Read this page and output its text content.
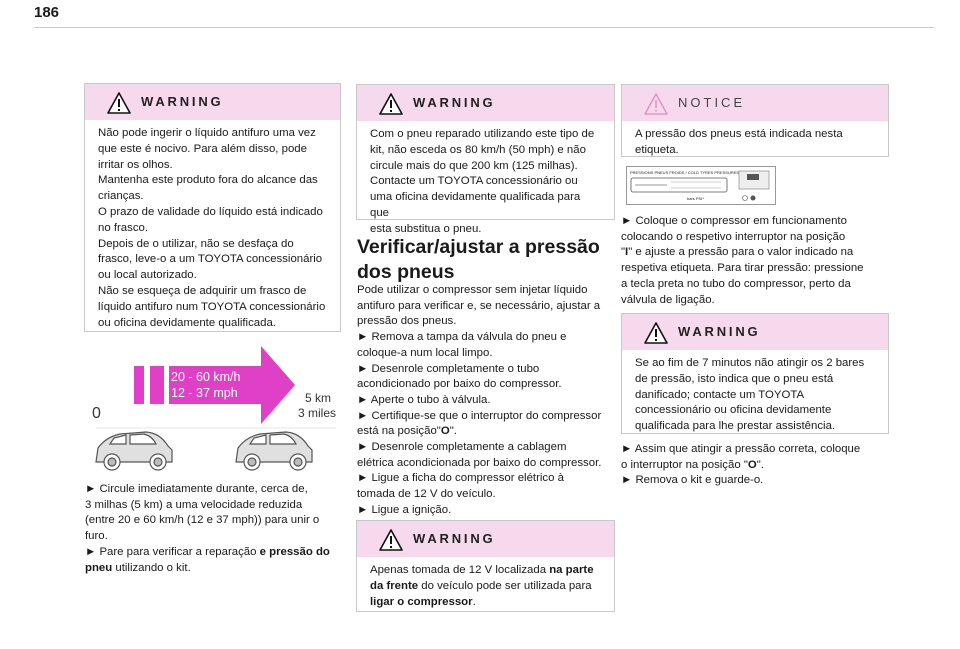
186
WARNING

Não pode ingerir o líquido antifuro uma vez

que este é nocivo. Para além disso, pode

irritar os olhos.

Mantenha este produto fora do alcance das

crianças.

O prazo de validade do líquido está indicado

no frasco.

Depois de o utilizar, não se desfaça do

frasco, leve-o a um TOYOTA concessionário

ou local autorizado.

Não se esqueça de adquirir um frasco de

líquido antifuro num TOYOTA concessionário

ou oficina devidamente qualificada.

20 - 60 km/h
12 - 37 mph
0
5 km
3 miles

► Circule imediatamente durante, cerca de,

3 milhas (5 km) a uma velocidade reduzida

(entre 20 e 60 km/h (12 e 37 mph)) para unir o

furo.

► Pare para verificar a reparação e pressão do

pneu utilizando o kit.

WARNING

Com o pneu reparado utilizando este tipo de

kit, não esceda os 80 km/h (50 mph) e não

circule mais do que 200 km (125 milhas).

Contacte um TOYOTA concessionário ou

uma oficina devidamente qualificada para que

esta substitua o pneu.

Verificar/ajustar a pressão
dos pneus

Pode utilizar o compressor sem injetar líquido

antifuro para verificar e, se necessário, ajustar a

pressão dos pneus.

► Remova a tampa da válvula do pneu e

coloque-a num local limpo.

► Desenrole completamente o tubo

acondicionado por baixo do compressor.

► Aperte o tubo à válvula.

► Certifique-se que o interruptor do compressor

está na posição"O".

► Desenrole completamente a cablagem

elétrica acondicionada por baixo do compressor.

► Ligue a ficha do compressor elétrico à

tomada de 12 V do veículo.

► Ligue a ignição.

WARNING

Apenas tomada de 12 V localizada na parte

da frente do veículo pode ser utilizada para

ligar o compressor.

NOTICE

A pressão dos pneus está indicada nesta

etiqueta.

PRESSIONS PNEUS FROIDS / COLD TYRES PRESSURES
bars PSI*

► Coloque o compressor em funcionamento

colocando o respetivo interruptor na posição

"I" e ajuste a pressão para o valor indicado na

respetiva etiqueta. Para tirar pressão: pressione

a tecla preta no tubo do compressor, perto da

válvula de ligação.

WARNING

Se ao fim de 7 minutos não atingir os 2 bares

de pressão, isto indica que o pneu está

danificado; contacte um TOYOTA

concessionário ou oficina devidamente

qualificada para lhe prestar assistência.

► Assim que atingir a pressão correta, coloque

o interruptor na posição "O".

► Remova o kit e guarde-o.
